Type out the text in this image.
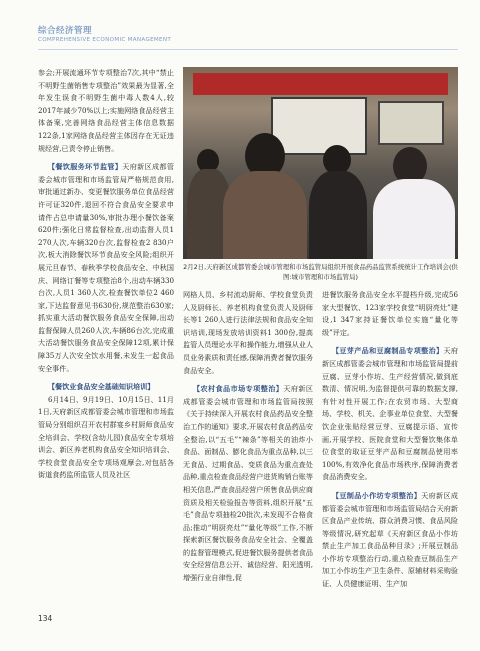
综合经济管理
COMPREHENSIVE ECONOMIC MANAGEMENT

参会;开展流通环节专项整治7次,其中“禁止不明野生菌销售专项整治”效果最为显著,全年发生误食不明野生菌中毒人数4人,较2017年减少70%以上;实施网络食品经营主体备案,完善网络食品经营主体信息数据122条,1家网络食品经营主体因存在无证违规经营,已责令停止销售。

【餐饮服务环节监管】天府新区成都管委会城市管理和市场监管局严格规范食用,审批通过新办、变更餐饮服务单位食品经营许可证320件,退回不符合食品安全要求申请件占总申请量30%,审批办理小餐饮备案620件;强化日常监督检查,出动监督人员1 270人次,车辆320台次,监督检查2 830户次,板大消除餐饮环节食品安全风险;组织开展元旦春节、春秋季学校食品安全、中秋国庆、网络订餐等专项整治8个,出动车辆330台次,人员1 360人次,检查餐饮单位2 460家,下达监督意见书630份,规范整治630家;抓实重大活动餐饮服务食品安全保障,出动监督保障人员260人次,车辆86台次,完成重大活动餐饮服务食品安全保障12项,累计保障35万人次安全饮水用餐,未发生一起食品安全事件。

【餐饮业食品安全基础知识培训】

6月14日、9月19日、10月15日、11月1日,天府新区成都管委会城市管理和市场监管局分别组织召开农村群宴乡村厨师食品安全培训会、学校(含幼儿园)食品安全专项培训会、新区养老机构食品安全知识培训会、学校食堂食品安全专项场观摩会,对包括各街道食药监所监管人员及社区

2月2日,天府新区成都管委会城市管理和市场监管局组织开展食品药品监管系统统计工作培训会(供图:城市管理和市场监管局)

网格人员、乡村流动厨师、学校食堂负责人及厨师长、养老机构食堂负责人及厨师长等1 260人进行法律法规和食品安全知识培训,现场发放培训资料1 300份,提高监管人员理论水平和操作能力,增强从业人员业务素质和责任感,保障消费者餐饮服务食品安全。

【农村食品市场专项整治】天府新区成都管委会城市管理和市场监管局按照《关于持续深入开展农村食品药品安全整治工作的通知》要求,开展农村食品药品安全整治,以“五毛”“辣条”等相关的油炸小食品、面制品、膨化食品为重点品种,以三无食品、过期食品、变质食品为重点查处品种,重点检查食品经营户进货购销台账等相关信息,严查食品经营户所售食品供应商资质及相关检验报告等资料,组织开展“五毛”食品专项抽检20批次,未发现不合格食品;推动“明厨亮灶”“量化等级”工作,不断探索新区餐饮服务食品安全社会、全覆盖的监督管理模式,促进餐饮服务提供者食品安全经营信息公开、诚信经营、阳光透明,增强行业自律性,促

进餐饮服务食品安全水平提档升级,完成56家大型餐饮、123家学校食堂“明厨亮灶”建设,1 347家持证餐饮单位实施“量化等级”评定。

【豆芽产品和豆腐制品专项整治】天府新区成都管委会城市管理和市场监管局提前豆腐、豆芽小作坊、生产经营情况,做到底数清、情况明,为监督提供可靠的数据支撑,有针对性开展工作;在农贸市场、大型商场、学校、机关、企事业单位食堂、大型餐饮企业张贴经营豆芽、豆腐提示语、宣传画,开展学校、医院食堂和大型餐饮集体单位食堂的取证豆芽产品和豆腐制品使用率100%,有效净化食品市场秩序,保障消费者食品消费安全。

【豆制品小作坊专项整治】天府新区成都管委会城市管理和市场监管局结合天府新区食品产业传统、群众消费习惯、食品风险等级情况,研究起草《天府新区食品小作坊禁止生产加工食品品种目录》;开展豆制品小作坊专项整治行动,重点检查豆制品生产加工小作坊生产卫生条件、原辅材料采购验证、人员健康证明、生产加

134
